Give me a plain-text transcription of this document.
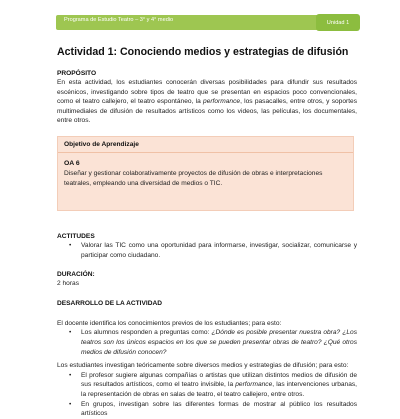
Programa de Estudio Teatro – 3° y 4° medio	Unidad 1
Actividad 1: Conociendo medios y estrategias de difusión
PROPÓSITO

En esta actividad, los estudiantes conocerán diversas posibilidades para difundir sus resultados escénicos, investigando sobre tipos de teatro que se presentan en espacios poco convencionales, como el teatro callejero, el teatro espontáneo, la performance, los pasacalles, entre otros, y soportes multimediales de difusión de resultados artísticos como los videos, las películas, los documentales, entre otros.

Objetivo de Aprendizaje
OA 6

Diseñar y gestionar colaborativamente proyectos de difusión de obras e interpretaciones teatrales, empleando una diversidad de medios o TIC.

ACTITUDES
• Valorar las TIC como una oportunidad para informarse, investigar, socializar, comunicarse y participar como ciudadano.
DURACIÓN:

2 horas

DESARROLLO DE LA ACTIVIDAD

El docente identifica los conocimientos previos de los estudiantes; para esto:

• Los alumnos responden a preguntas como: ¿Dónde es posible presentar nuestra obra? ¿Los teatros son los únicos espacios en los que se pueden presentar obras de teatro? ¿Qué otros medios de difusión conocen?

Los estudiantes investigan teóricamente sobre diversos medios y estrategias de difusión; para esto:

• El profesor sugiere algunas compañías o artistas que utilizan distintos medios de difusión de sus resultados artísticos, como el teatro invisible, la performance, las intervenciones urbanas, la representación de obras en salas de teatro, el teatro callejero, entre otros.
• En grupos, investigan sobre las diferentes formas de mostrar al público los resultados artísticos
